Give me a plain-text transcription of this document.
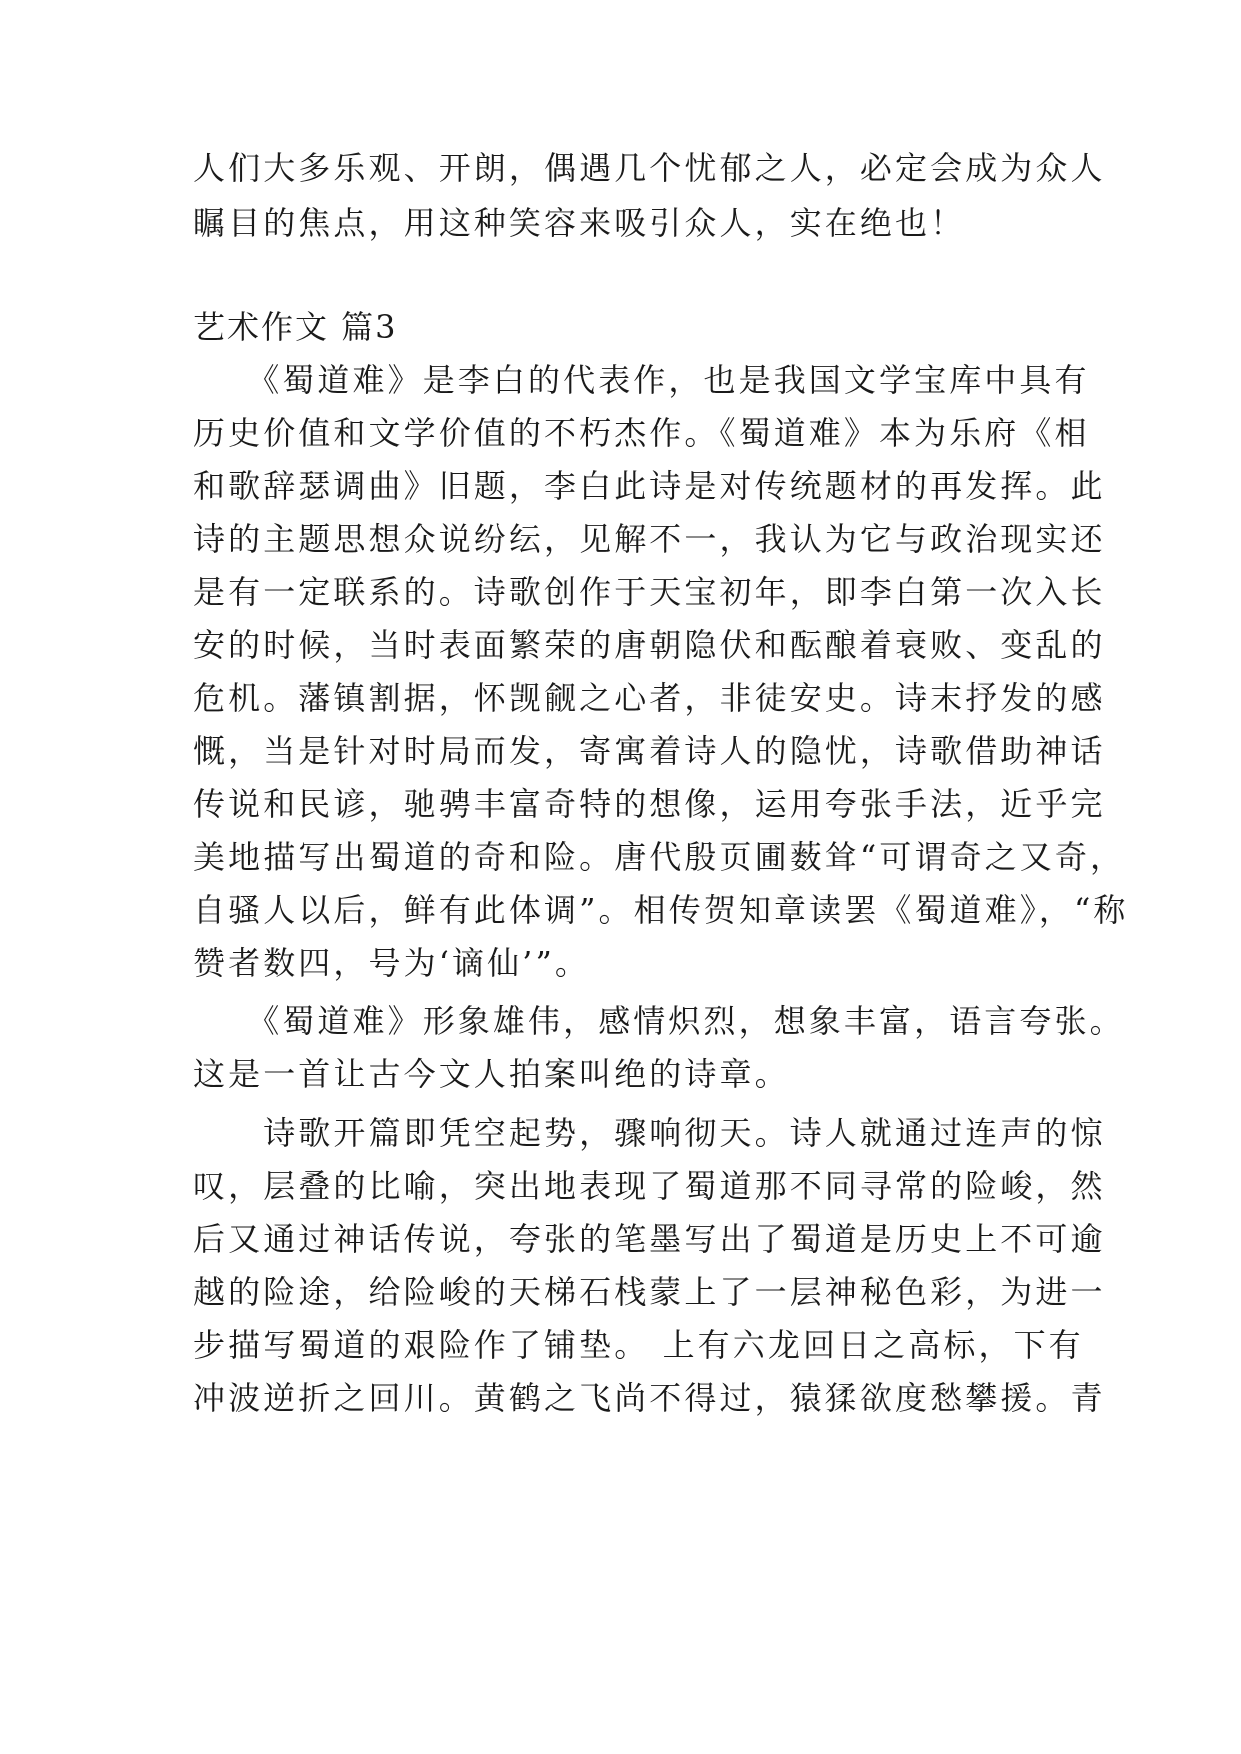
人们大多乐观、开朗，偶遇几个忧郁之人，必定会成为众人
瞩目的焦点，用这种笑容来吸引众人，实在绝也！
艺术作文 篇3
　　《蜀道难》是李白的代表作，也是我国文学宝库中具有
历史价值和文学价值的不朽杰作。《蜀道难》本为乐府《相
和歌辞瑟调曲》旧题，李白此诗是对传统题材的再发挥。此
诗的主题思想众说纷纭，见解不一，我认为它与政治现实还
是有一定联系的。诗歌创作于天宝初年，即李白第一次入长
安的时候，当时表面繁荣的唐朝隐伏和酝酿着衰败、变乱的
危机。藩镇割据，怀觊觎之心者，非徒安史。诗末抒发的感
慨，当是针对时局而发，寄寓着诗人的隐忧，诗歌借助神话
传说和民谚，驰骋丰富奇特的想像，运用夸张手法，近乎完
美地描写出蜀道的奇和险。唐代殷页圃薮耸“可谓奇之又奇，
自骚人以后，鲜有此体调”。相传贺知章读罢《蜀道难》，“称
赞者数四，号为‘谪仙’”。
　　《蜀道难》形象雄伟，感情炽烈，想象丰富，语言夸张。
这是一首让古今文人拍案叫绝的诗章。
　　诗歌开篇即凭空起势，骤响彻天。诗人就通过连声的惊
叹，层叠的比喻，突出地表现了蜀道那不同寻常的险峻，然
后又通过神话传说，夸张的笔墨写出了蜀道是历史上不可逾
越的险途，给险峻的天梯石栈蒙上了一层神秘色彩，为进一
步描写蜀道的艰险作了铺垫。 上有六龙回日之高标，下有
冲波逆折之回川。黄鹤之飞尚不得过，猿猱欲度愁攀援。青
